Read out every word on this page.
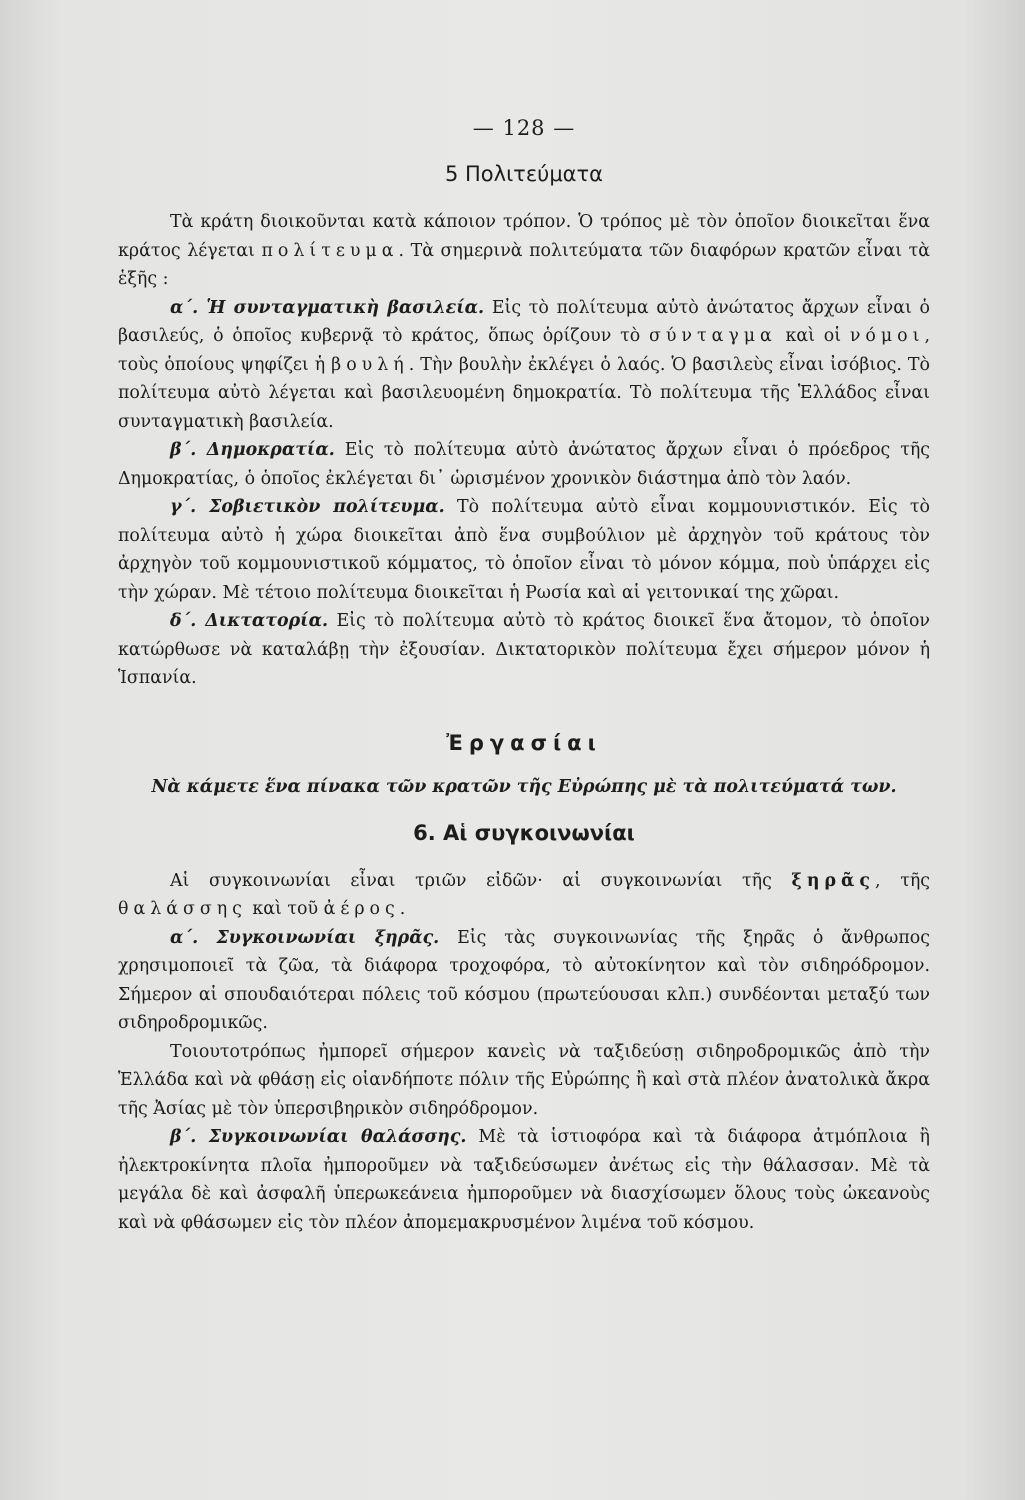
— 128 —
5 Πολιτεύματα

Τὰ κράτη διοικοῦνται κατὰ κάποιον τρόπον. Ὁ τρόπος μὲ τὸν ὁποῖον διοικεῖται ἕνα κράτος λέγεται πολίτευμα. Τὰ σημερινὰ πολιτεύματα τῶν διαφόρων κρατῶν εἶναι τὰ ἑξῆς :

α΄. Ἡ συνταγματικὴ βασιλεία. Εἰς τὸ πολίτευμα αὐτὸ ἀνώτατος ἄρχων εἶναι ὁ βασιλεύς, ὁ ὁποῖος κυβερνᾷ τὸ κράτος, ὅπως ὁρίζουν τὸ σύνταγμα καὶ οἱ νόμοι, τοὺς ὁποίους ψηφίζει ἡ βουλή. Τὴν βουλὴν ἐκλέγει ὁ λαός. Ὁ βασιλεὺς εἶναι ἰσόβιος. Τὸ πολίτευμα αὐτὸ λέγεται καὶ βασιλευομένη δημοκρατία. Τὸ πολίτευμα τῆς Ἑλλάδος εἶναι συνταγματικὴ βασιλεία.

β΄. Δημοκρατία. Εἰς τὸ πολίτευμα αὐτὸ ἀνώτατος ἄρχων εἶναι ὁ πρόεδρος τῆς Δημοκρατίας, ὁ ὁποῖος ἐκλέγεται δι᾽ ὡρισμένον χρονικὸν διάστημα ἀπὸ τὸν λαόν.

γ΄. Σοβιετικὸν πολίτευμα. Τὸ πολίτευμα αὐτὸ εἶναι κομμουνιστικόν. Εἰς τὸ πολίτευμα αὐτὸ ἡ χώρα διοικεῖται ἀπὸ ἕνα συμβούλιον μὲ ἀρχηγὸν τοῦ κράτους τὸν ἀρχηγὸν τοῦ κομμουνιστικοῦ κόμματος, τὸ ὁποῖον εἶναι τὸ μόνον κόμμα, ποὺ ὑπάρχει εἰς τὴν χώραν. Μὲ τέτοιο πολίτευμα διοικεῖται ἡ Ρωσία καὶ αἱ γειτονικαί της χῶραι.

δ΄. Δικτατορία. Εἰς τὸ πολίτευμα αὐτὸ τὸ κράτος διοικεῖ ἕνα ἄτομον, τὸ ὁποῖον κατώρθωσε νὰ καταλάβῃ τὴν ἐξουσίαν. Δικτατορικὸν πολίτευμα ἔχει σήμερον μόνον ἡ Ἱσπανία.

Ἐργασίαι
Νὰ κάμετε ἕνα πίνακα τῶν κρατῶν τῆς Εὐρώπης μὲ τὰ πολιτεύματά των.
6. Αἱ συγκοινωνίαι

Αἱ συγκοινωνίαι εἶναι τριῶν εἰδῶν· αἱ συγκοινωνίαι τῆς ξηρᾶς, τῆς θαλάσσης καὶ τοῦ ἀέρος.

α΄. Συγκοινωνίαι ξηρᾶς. Εἰς τὰς συγκοινωνίας τῆς ξηρᾶς ὁ ἄνθρωπος χρησιμοποιεῖ τὰ ζῶα, τὰ διάφορα τροχοφόρα, τὸ αὐτοκίνητον καὶ τὸν σιδηρόδρομον. Σήμερον αἱ σπουδαιότεραι πόλεις τοῦ κόσμου (πρωτεύουσαι κλπ.) συνδέονται μεταξύ των σιδηροδρομικῶς.

Τοιουτοτρόπως ἠμπορεῖ σήμερον κανεὶς νὰ ταξιδεύσῃ σιδηροδρομικῶς ἀπὸ τὴν Ἑλλάδα καὶ νὰ φθάσῃ εἰς οἱανδήποτε πόλιν τῆς Εὐρώπης ἢ καὶ στὰ πλέον ἀνατολικὰ ἄκρα τῆς Ἀσίας μὲ τὸν ὑπερσιβηρικὸν σιδηρόδρομον.

β΄. Συγκοινωνίαι θαλάσσης. Μὲ τὰ ἱστιοφόρα καὶ τὰ διάφορα ἀτμόπλοια ἢ ἠλεκτροκίνητα πλοῖα ἠμποροῦμεν νὰ ταξιδεύσωμεν ἀνέτως εἰς τὴν θάλασσαν. Μὲ τὰ μεγάλα δὲ καὶ ἀσφαλῆ ὑπερωκεάνεια ἠμποροῦμεν νὰ διασχίσωμεν ὅλους τοὺς ὠκεανοὺς καὶ νὰ φθάσωμεν εἰς τὸν πλέον ἀπομεμακρυσμένον λιμένα τοῦ κόσμου.
